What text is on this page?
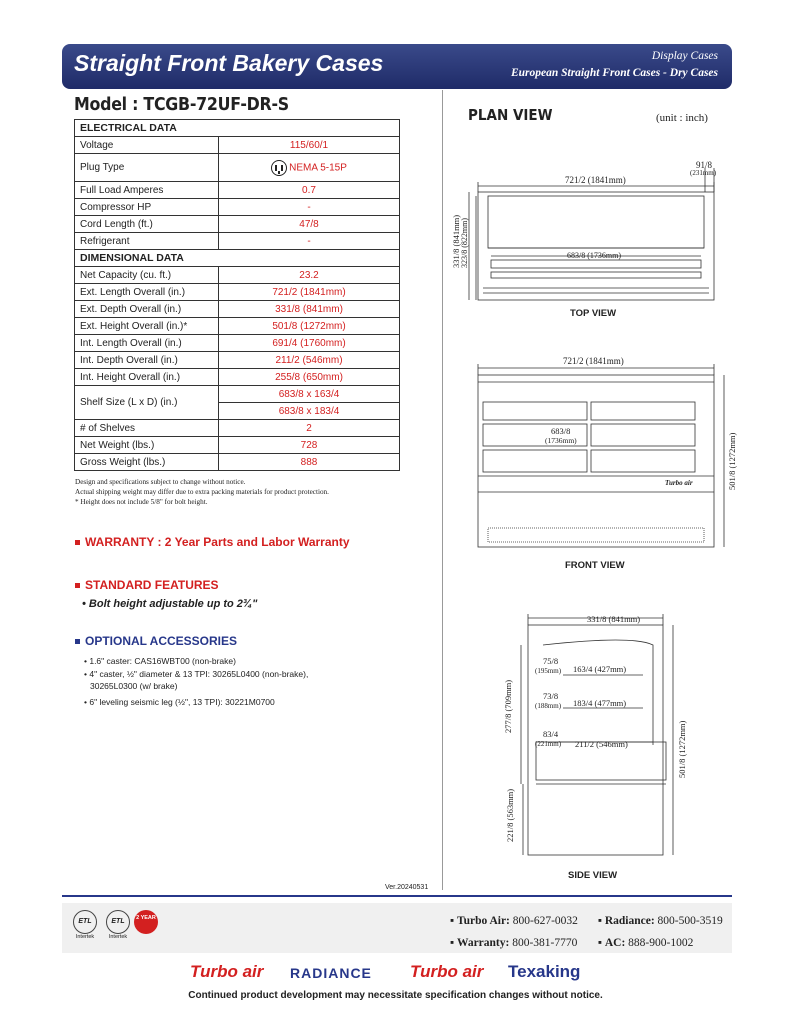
Straight Front Bakery Cases	Display Cases
European Straight Front Cases - Dry Cases
Model : TCGB-72UF-DR-S
ELECTRICAL DATA	
Voltage	115/60/1
Plug Type	NEMA 5-15P
Full Load Amperes	0.7
Compressor HP	-
Cord Length (ft.)	47/8
Refrigerant	-
DIMENSIONAL DATA	
Net Capacity (cu. ft.)	23.2
Ext. Length Overall (in.)	721/2 (1841mm)
Ext. Depth Overall (in.)	331/8 (841mm)
Ext. Height Overall (in.)*	501/8 (1272mm)
Int. Length Overall (in.)	691/4 (1760mm)
Int. Depth Overall (in.)	211/2 (546mm)
Int. Height Overall (in.)	255/8 (650mm)
Shelf Size (L x D) (in.)	683/8 x 163/4
	683/8 x 183/4
# of Shelves	2
Net Weight (lbs.)	728
Gross Weight (lbs.)	888
Design and specifications subject to change without notice.
Actual shipping weight may differ due to extra packing materials for product protection.
* Height does not include 5/8" for bolt height.
WARRANTY : 2 Year Parts and Labor Warranty
STANDARD FEATURES
• Bolt height adjustable up to 2¾"
OPTIONAL ACCESSORIES
• 1.6" caster: CAS16WBT00 (non-brake)
• 4" caster, ½" diameter & 13 TPI: 30265L0400 (non-brake),
30265L0300 (w/ brake)
• 6" leveling seismic leg (½", 13 TPI): 30221M0700
Ver.20240531
PLAN VIEW	(unit : inch)
721/2 (1841mm)
683/8 (1736mm)
331/8 (841mm) 323/8 (822mm)
91/8
(231mm)
721/2 (1841mm)
683/8
(1736mm)
Turbo air	501/8 (1272mm)
331/8 (841mm)
75/8
(195mm) 163/4 (427mm)
73/8
(188mm) 183/4 (477mm)
83/4
(221mm) 211/2 (546mm)
277/8 (709mm)
221/8 (563mm)
501/8 (1272mm)
TOP VIEW
FRONT VIEW
SIDE VIEW
ETL
Intertek
ETL
Intertek
2 YEAR	▪ Turbo Air: 800-627-0032 ▪ Radiance: 800-500-3519
▪ Warranty: 800-381-7770 ▪ AC: 888-900-1002
Turbo air RADIANCE Turbo air Texaking
Continued product development may necessitate specification changes without notice.
